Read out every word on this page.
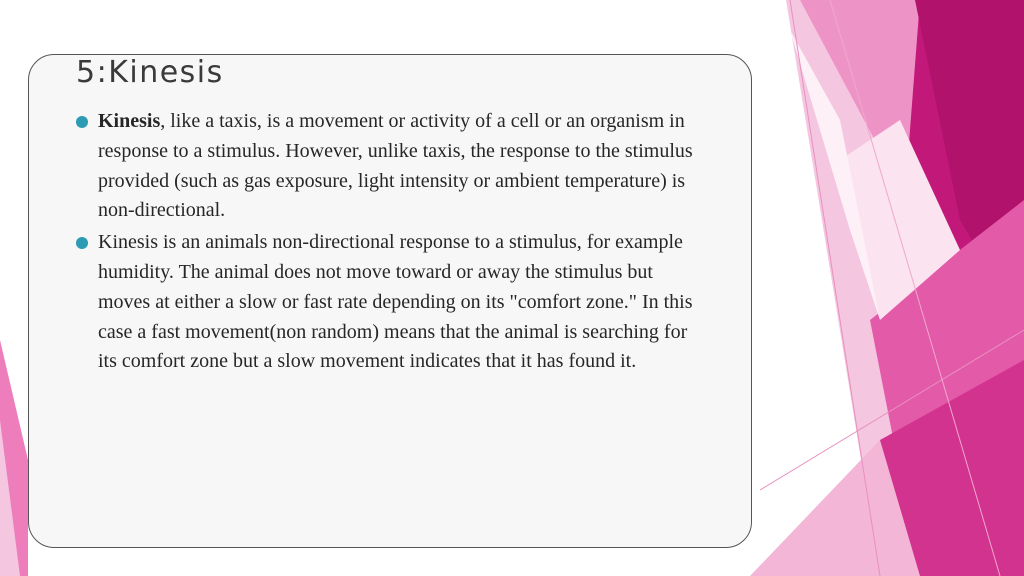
5:Kinesis
Kinesis, like a taxis, is a movement or activity of a cell or an organism in response to a stimulus. However, unlike taxis, the response to the stimulus provided (such as gas exposure, light intensity or ambient temperature) is non-directional.
Kinesis is an animals non-directional response to a stimulus, for example humidity. The animal does not move toward or away the stimulus but moves at either a slow or fast rate depending on its "comfort zone." In this case a fast movement(non random) means that the animal is searching for its comfort zone but a slow movement indicates that it has found it.
